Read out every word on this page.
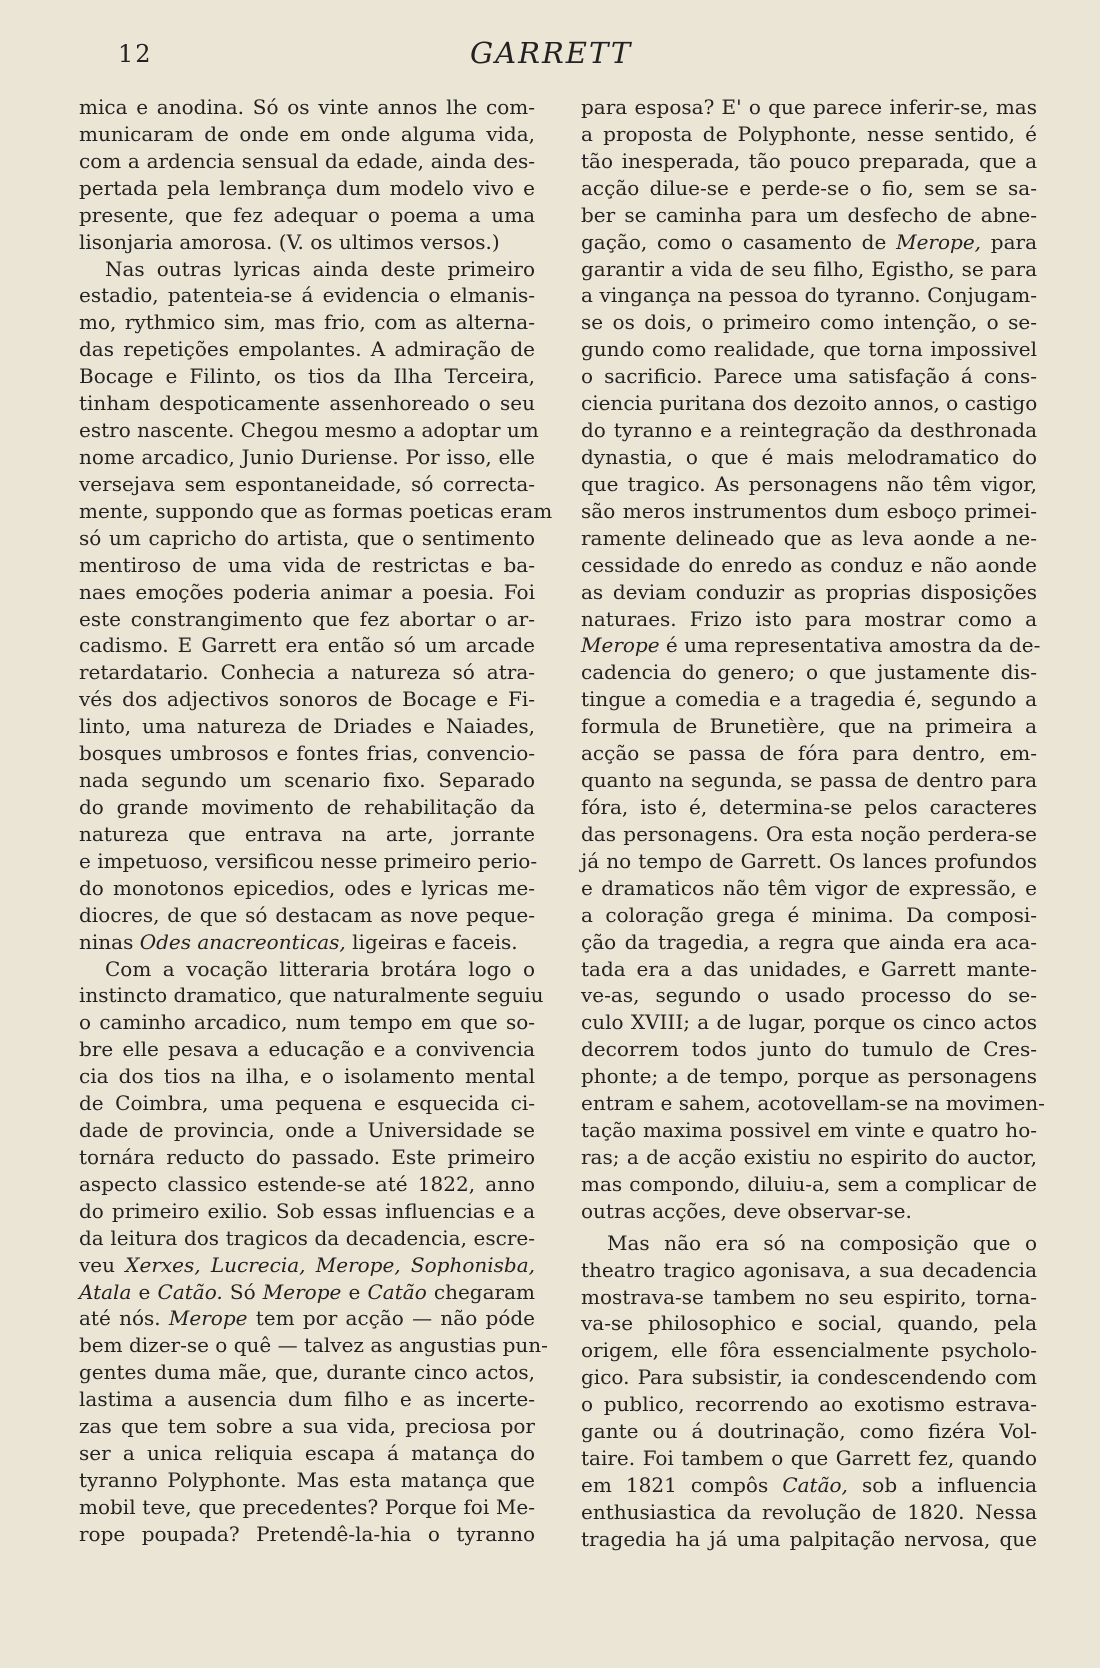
12	GARRETT
mica e anodina. Só os vinte annos lhe com-
municaram de onde em onde alguma vida,
com a ardencia sensual da edade, ainda des-
pertada pela lembrança dum modelo vivo e
presente, que fez adequar o poema a uma
lisonjaria amorosa. (V. os ultimos versos.)
Nas outras lyricas ainda deste primeiro
estadio, patenteia-se á evidencia o elmanis-
mo, rythmico sim, mas frio, com as alterna-
das repetições empolantes. A admiração de
Bocage e Filinto, os tios da Ilha Terceira,
tinham despoticamente assenhoreado o seu
estro nascente. Chegou mesmo a adoptar um
nome arcadico, Junio Duriense. Por isso, elle
versejava sem espontaneidade, só correcta-
mente, suppondo que as formas poeticas eram
só um capricho do artista, que o sentimento
mentiroso de uma vida de restrictas e ba-
naes emoções poderia animar a poesia. Foi
este constrangimento que fez abortar o ar-
cadismo. E Garrett era então só um arcade
retardatario. Conhecia a natureza só atra-
vés dos adjectivos sonoros de Bocage e Fi-
linto, uma natureza de Driades e Naiades,
bosques umbrosos e fontes frias, convencio-
nada segundo um scenario fixo. Separado
do grande movimento de rehabilitação da
natureza que entrava na arte, jorrante
e impetuoso, versificou nesse primeiro perio-
do monotonos epicedios, odes e lyricas me-
diocres, de que só destacam as nove peque-
ninas Odes anacreonticas, ligeiras e faceis.
Com a vocação litteraria brotára logo o
instincto dramatico, que naturalmente seguiu
o caminho arcadico, num tempo em que so-
bre elle pesava a educação e a convivencia
cia dos tios na ilha, e o isolamento mental
de Coimbra, uma pequena e esquecida ci-
dade de provincia, onde a Universidade se
tornára reducto do passado. Este primeiro
aspecto classico estende-se até 1822, anno
do primeiro exilio. Sob essas influencias e a
da leitura dos tragicos da decadencia, escre-
veu Xerxes, Lucrecia, Merope, Sophonisba,
Atala e Catão. Só Merope e Catão chegaram
até nós. Merope tem por acção — não póde
bem dizer-se o quê — talvez as angustias pun-
gentes duma mãe, que, durante cinco actos,
lastima a ausencia dum filho e as incerte-
zas que tem sobre a sua vida, preciosa por
ser a unica reliquia escapa á matança do
tyranno Polyphonte. Mas esta matança que
mobil teve, que precedentes? Porque foi Me-
rope poupada? Pretendê-la-hia o tyranno
para esposa? E' o que parece inferir-se, mas
a proposta de Polyphonte, nesse sentido, é
tão inesperada, tão pouco preparada, que a
acção dilue-se e perde-se o fio, sem se sa-
ber se caminha para um desfecho de abne-
gação, como o casamento de Merope, para
garantir a vida de seu filho, Egistho, se para
a vingança na pessoa do tyranno. Conjugam-
se os dois, o primeiro como intenção, o se-
gundo como realidade, que torna impossivel
o sacrificio. Parece uma satisfação á cons-
ciencia puritana dos dezoito annos, o castigo
do tyranno e a reintegração da desthronada
dynastia, o que é mais melodramatico do
que tragico. As personagens não têm vigor,
são meros instrumentos dum esboço primei-
ramente delineado que as leva aonde a ne-
cessidade do enredo as conduz e não aonde
as deviam conduzir as proprias disposições
naturaes. Frizo isto para mostrar como a
Merope é uma representativa amostra da de-
cadencia do genero; o que justamente dis-
tingue a comedia e a tragedia é, segundo a
formula de Brunetière, que na primeira a
acção se passa de fóra para dentro, em-
quanto na segunda, se passa de dentro para
fóra, isto é, determina-se pelos caracteres
das personagens. Ora esta noção perdera-se
já no tempo de Garrett. Os lances profundos
e dramaticos não têm vigor de expressão, e
a coloração grega é minima. Da composi-
ção da tragedia, a regra que ainda era aca-
tada era a das unidades, e Garrett mante-
ve-as, segundo o usado processo do se-
culo XVIII; a de lugar, porque os cinco actos
decorrem todos junto do tumulo de Cres-
phonte; a de tempo, porque as personagens
entram e sahem, acotovellam-se na movimen-
tação maxima possivel em vinte e quatro ho-
ras; a de acção existiu no espirito do auctor,
mas compondo, diluiu-a, sem a complicar de
outras acções, deve observar-se.
Mas não era só na composição que o
theatro tragico agonisava, a sua decadencia
mostrava-se tambem no seu espirito, torna-
va-se philosophico e social, quando, pela
origem, elle fôra essencialmente psycholo-
gico. Para subsistir, ia condescendendo com
o publico, recorrendo ao exotismo estrava-
gante ou á doutrinação, como fizéra Vol-
taire. Foi tambem o que Garrett fez, quando
em 1821 compôs Catão, sob a influencia
enthusiastica da revolução de 1820. Nessa
tragedia ha já uma palpitação nervosa, que
